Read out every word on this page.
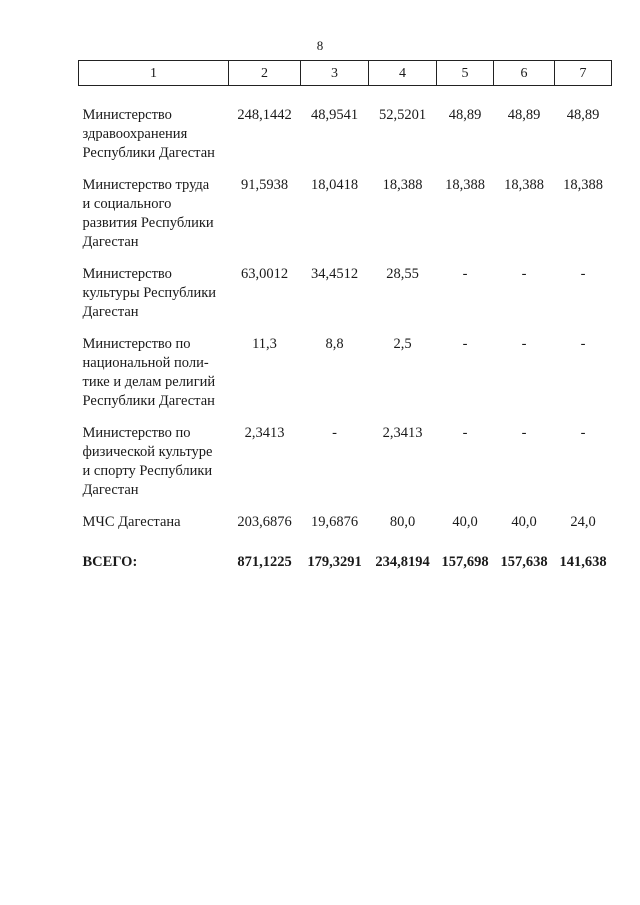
8
1	2	3	4	5	6	7

Министерство
здравоохранения
Республики Дагестан	248,1442	48,9541	52,5201	48,89	48,89	48,89

Министерство труда
и социального
развития Республики
Дагестан	91,5938	18,0418	18,388	18,388	18,388	18,388

Министерство
культуры Республики
Дагестан	63,0012	34,4512	28,55	-	-	-

Министерство по
национальной поли-
тике и делам религий
Республики Дагестан	11,3	8,8	2,5	-	-	-

Министерство по
физической культуре
и спорту Республики
Дагестан	2,3413	-	2,3413	-	-	-

МЧС Дагестана	203,6876	19,6876	80,0	40,0	40,0	24,0
ВСЕГО:	871,1225	179,3291	234,8194	157,698	157,638	141,638
